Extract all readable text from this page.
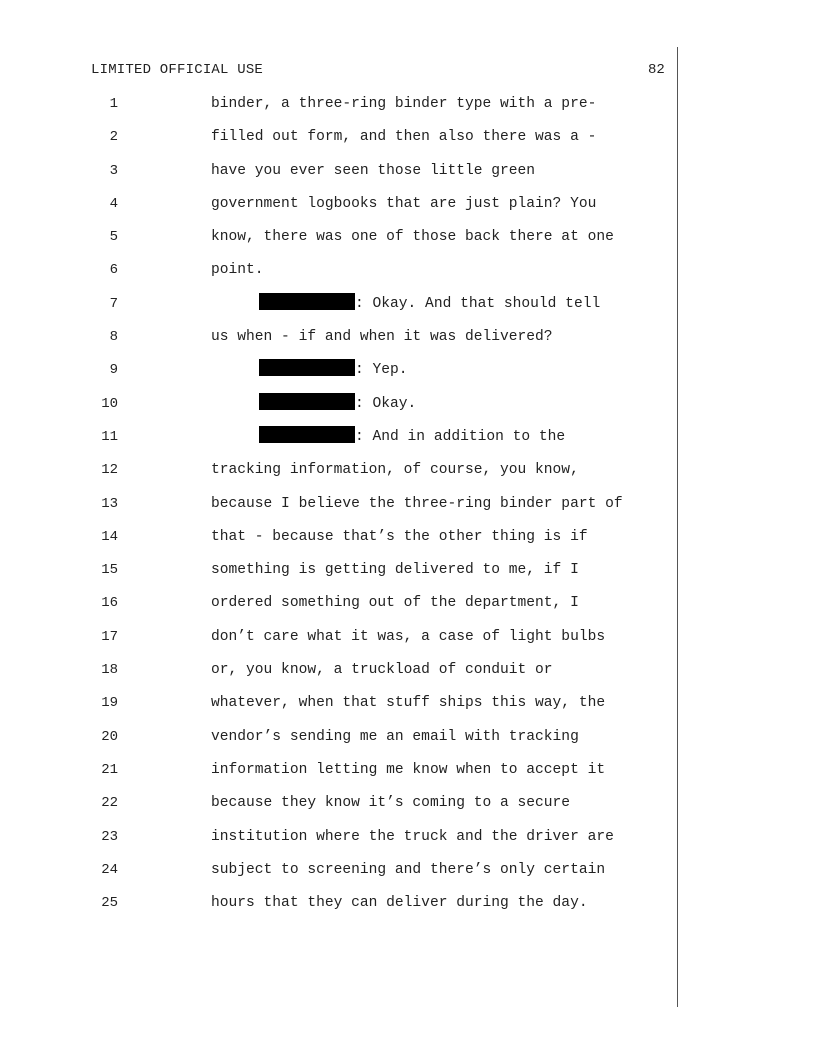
LIMITED OFFICIAL USE	82
1	binder, a three-ring binder type with a pre-
2	filled out form, and then also there was a -
3	have you ever seen those little green
4	government logbooks that are just plain? You
5	know, there was one of those back there at one
6	point.
7	: Okay. And that should tell
8	us when - if and when it was delivered?
9	: Yep.
10	: Okay.
11	: And in addition to the
12	tracking information, of course, you know,
13	because I believe the three-ring binder part of
14	that - because that’s the other thing is if
15	something is getting delivered to me, if I
16	ordered something out of the department, I
17	don’t care what it was, a case of light bulbs
18	or, you know, a truckload of conduit or
19	whatever, when that stuff ships this way, the
20	vendor’s sending me an email with tracking
21	information letting me know when to accept it
22	because they know it’s coming to a secure
23	institution where the truck and the driver are
24	subject to screening and there’s only certain
25	hours that they can deliver during the day.
